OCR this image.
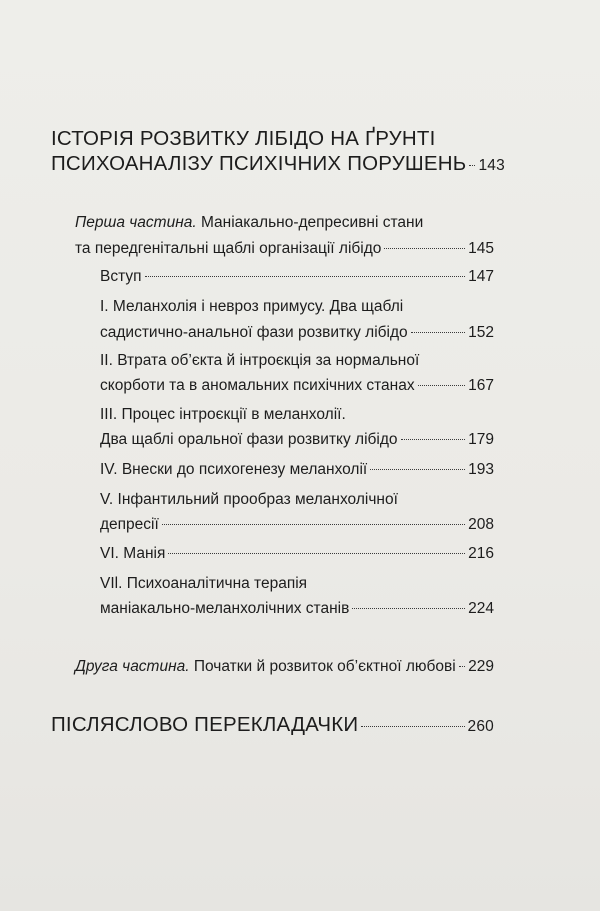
ІСТОРІЯ РОЗВИТКУ ЛІБІДО НА ҐРУНТІ
ПСИХОАНАЛІЗУ ПСИХІЧНИХ ПОРУШЕНЬ 143
Перша частина. Маніакально-депресивні стани
та передгенітальні щаблі організації лібідо	145
Вступ	147
I. Меланхолія і невроз примусу. Два щаблі
садистично-анальної фази розвитку лібідо	152
II. Втрата об’єкта й інтроєкція за нормальної
скорботи та в аномальних психічних станах	167
III. Процес інтроєкції в меланхолії.
Два щаблі оральної фази розвитку лібідо	179
IV. Внески до психогенезу меланхолії	193
V. Інфантильний прообраз меланхолічної
депресії	208
VI. Манія	216
VIl. Психоаналітична терапія
маніакально-меланхолічних станів	224
Друга частина. Початки й розвиток об’єктної любові 229
ПІСЛЯСЛОВО ПЕРЕКЛАДАЧКИ	260
